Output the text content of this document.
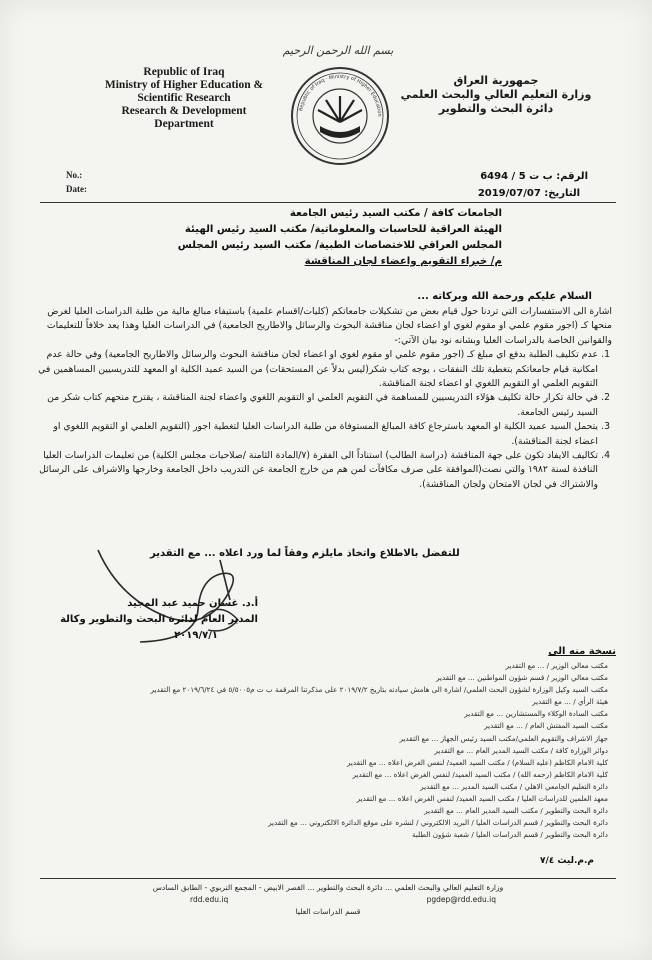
بسم الله الرحمن الرحيم
Republic of Iraq
Ministry of Higher Education &
Scientific Research
Research & Development
Department
Republic of Iraq · Ministry of Higher Education
جمهورية العراق
وزارة التعليم العالي والبحث العلمي
دائرة البحث والتطوير
No.:
Date:
الرقم: ب ت 5 / 6494
التاريخ: 2019/07/07
الجامعات كافة / مكتب السيد رئيس الجامعة
الهيئة العراقية للحاسبات والمعلوماتية/ مكتب السيد رئيس الهيئة
المجلس العراقي للاختصاصات الطبية/ مكتب السيد رئيس المجلس
م/ خبراء التقويم واعضاء لجان المناقشة
السلام عليكم ورحمة الله وبركاته ...

اشارة الى الاستفسارات التي تردنا حول قيام بعض من تشكيلات جامعاتكم (كليات/اقسام علمية) باستيفاء مبالغ مالية من طلبة الدراسات العليا لغرض منحها كـ (اجور مقوم علمي او مقوم لغوي او اعضاء لجان مناقشة البحوث والرسائل والاطاريح الجامعية) في الدراسات العليا وهذا يعد خلافاً للتعليمات والقوانين الخاصة بالدراسات العليا وبشانه نود بيان الآتي:-

1.
عدم تكليف الطلبة بدفع اي مبلغ كـ (اجور مقوم علمي او مقوم لغوي او اعضاء لجان مناقشة البحوث والرسائل والاطاريح الجامعية) وفي حالة عدم امكانية قيام جامعاتكم بتغطية تلك النفقات ، يوجه كتاب شكر(ليس بدلاً عن المستحقات) من السيد عميد الكلية او المعهد للتدريسيين المساهمين في التقويم العلمي او التقويم اللغوي او اعضاء لجنة المناقشة.
2.
في حالة تكرار حالة تكليف هؤلاء التدريسيين للمساهمة في التقويم العلمي او التقويم اللغوي واعضاء لجنة المناقشة ، يقترح منحهم كتاب شكر من السيد رئيس الجامعة.
3.
يتحمل السيد عميد الكلية او المعهد باسترجاع كافة المبالغ المستوفاة من طلبة الدراسات العليا لتغطية اجور (التقويم العلمي او التقويم اللغوي او اعضاء لجنة المناقشة).
4.
تكاليف الايفاد تكون على جهة المناقشة (دراسة الطالب) استناداً الى الفقرة (٧/المادة الثامنة /صلاحيات مجلس الكلية) من تعليمات الدراسات العليا النافذة لسنة ١٩٨٢ والتي نصت(الموافقة على صرف مكافآت لمن هم من خارج الجامعة عن التدريب داخل الجامعة وخارجها والاشراف على الرسائل والاشتراك في لجان الامتحان ولجان المناقشة).
للتفضل بالاطلاع واتخاذ مايلزم وفقاً لما ورد اعلاه ... مع التقدير
أ.د. غسان حميد عبد المجيد
المدير العام لدائرة البحث والتطوير وكالة
٢٠١٩/٧/١
نسخة منه الى
مكتب معالي الوزير / ... مع التقدير
مكتب معالي الوزير / قسم شؤون المواطنين ... مع التقدير
مكتب السيد وكيل الوزارة لشؤون البحث العلمي/ اشارة الى هامش سيادته بتاريخ ٢٠١٩/٧/٢ على مذكرتنا المرقمة ب ت م٥/٥٠٠٥ في ٢٠١٩/٦/٢٤ مع التقدير
هيئة الرأي / ... مع التقدير
مكتب السادة الوكلاء والمستشارين ... مع التقدير
مكتب السيد المفتش العام / ... مع التقدير
جهاز الاشراف والتقويم العلمي/مكتب السيد رئيس الجهاز ... مع التقدير
دوائر الوزارة كافة / مكتب السيد المدير العام ... مع التقدير
كلية الامام الكاظم (عليه السلام) / مكتب السيد العميد/ لنفس الغرض اعلاه ... مع التقدير
كلية الامام الكاظم (رحمه الله) / مكتب السيد العميد/ لنفس الغرض اعلاه ... مع التقدير
دائرة التعليم الجامعي الاهلي / مكتب السيد المدير ... مع التقدير
معهد العلمين للدراسات العليا / مكتب السيد العميد/ لنفس الغرض اعلاه ... مع التقدير
دائرة البحث والتطوير / مكتب السيد المدير العام ... مع التقدير
دائرة البحث والتطوير / قسم الدراسات العليا / البريد الالكتروني / لنشره على موقع الدائرة الالكتروني ... مع التقدير
دائرة البحث والتطوير / قسم الدراسات العليا / شعبة شؤون الطلبة
م.م.ليث ٧/٤
وزارة التعليم العالي والبحث العلمي ... دائرة البحث والتطوير ... القصر الابيض - المجمع التربوي - الطابق السادس
rdd.edu.iq	pgdep@rdd.edu.iq
قسم الدراسات العليا
